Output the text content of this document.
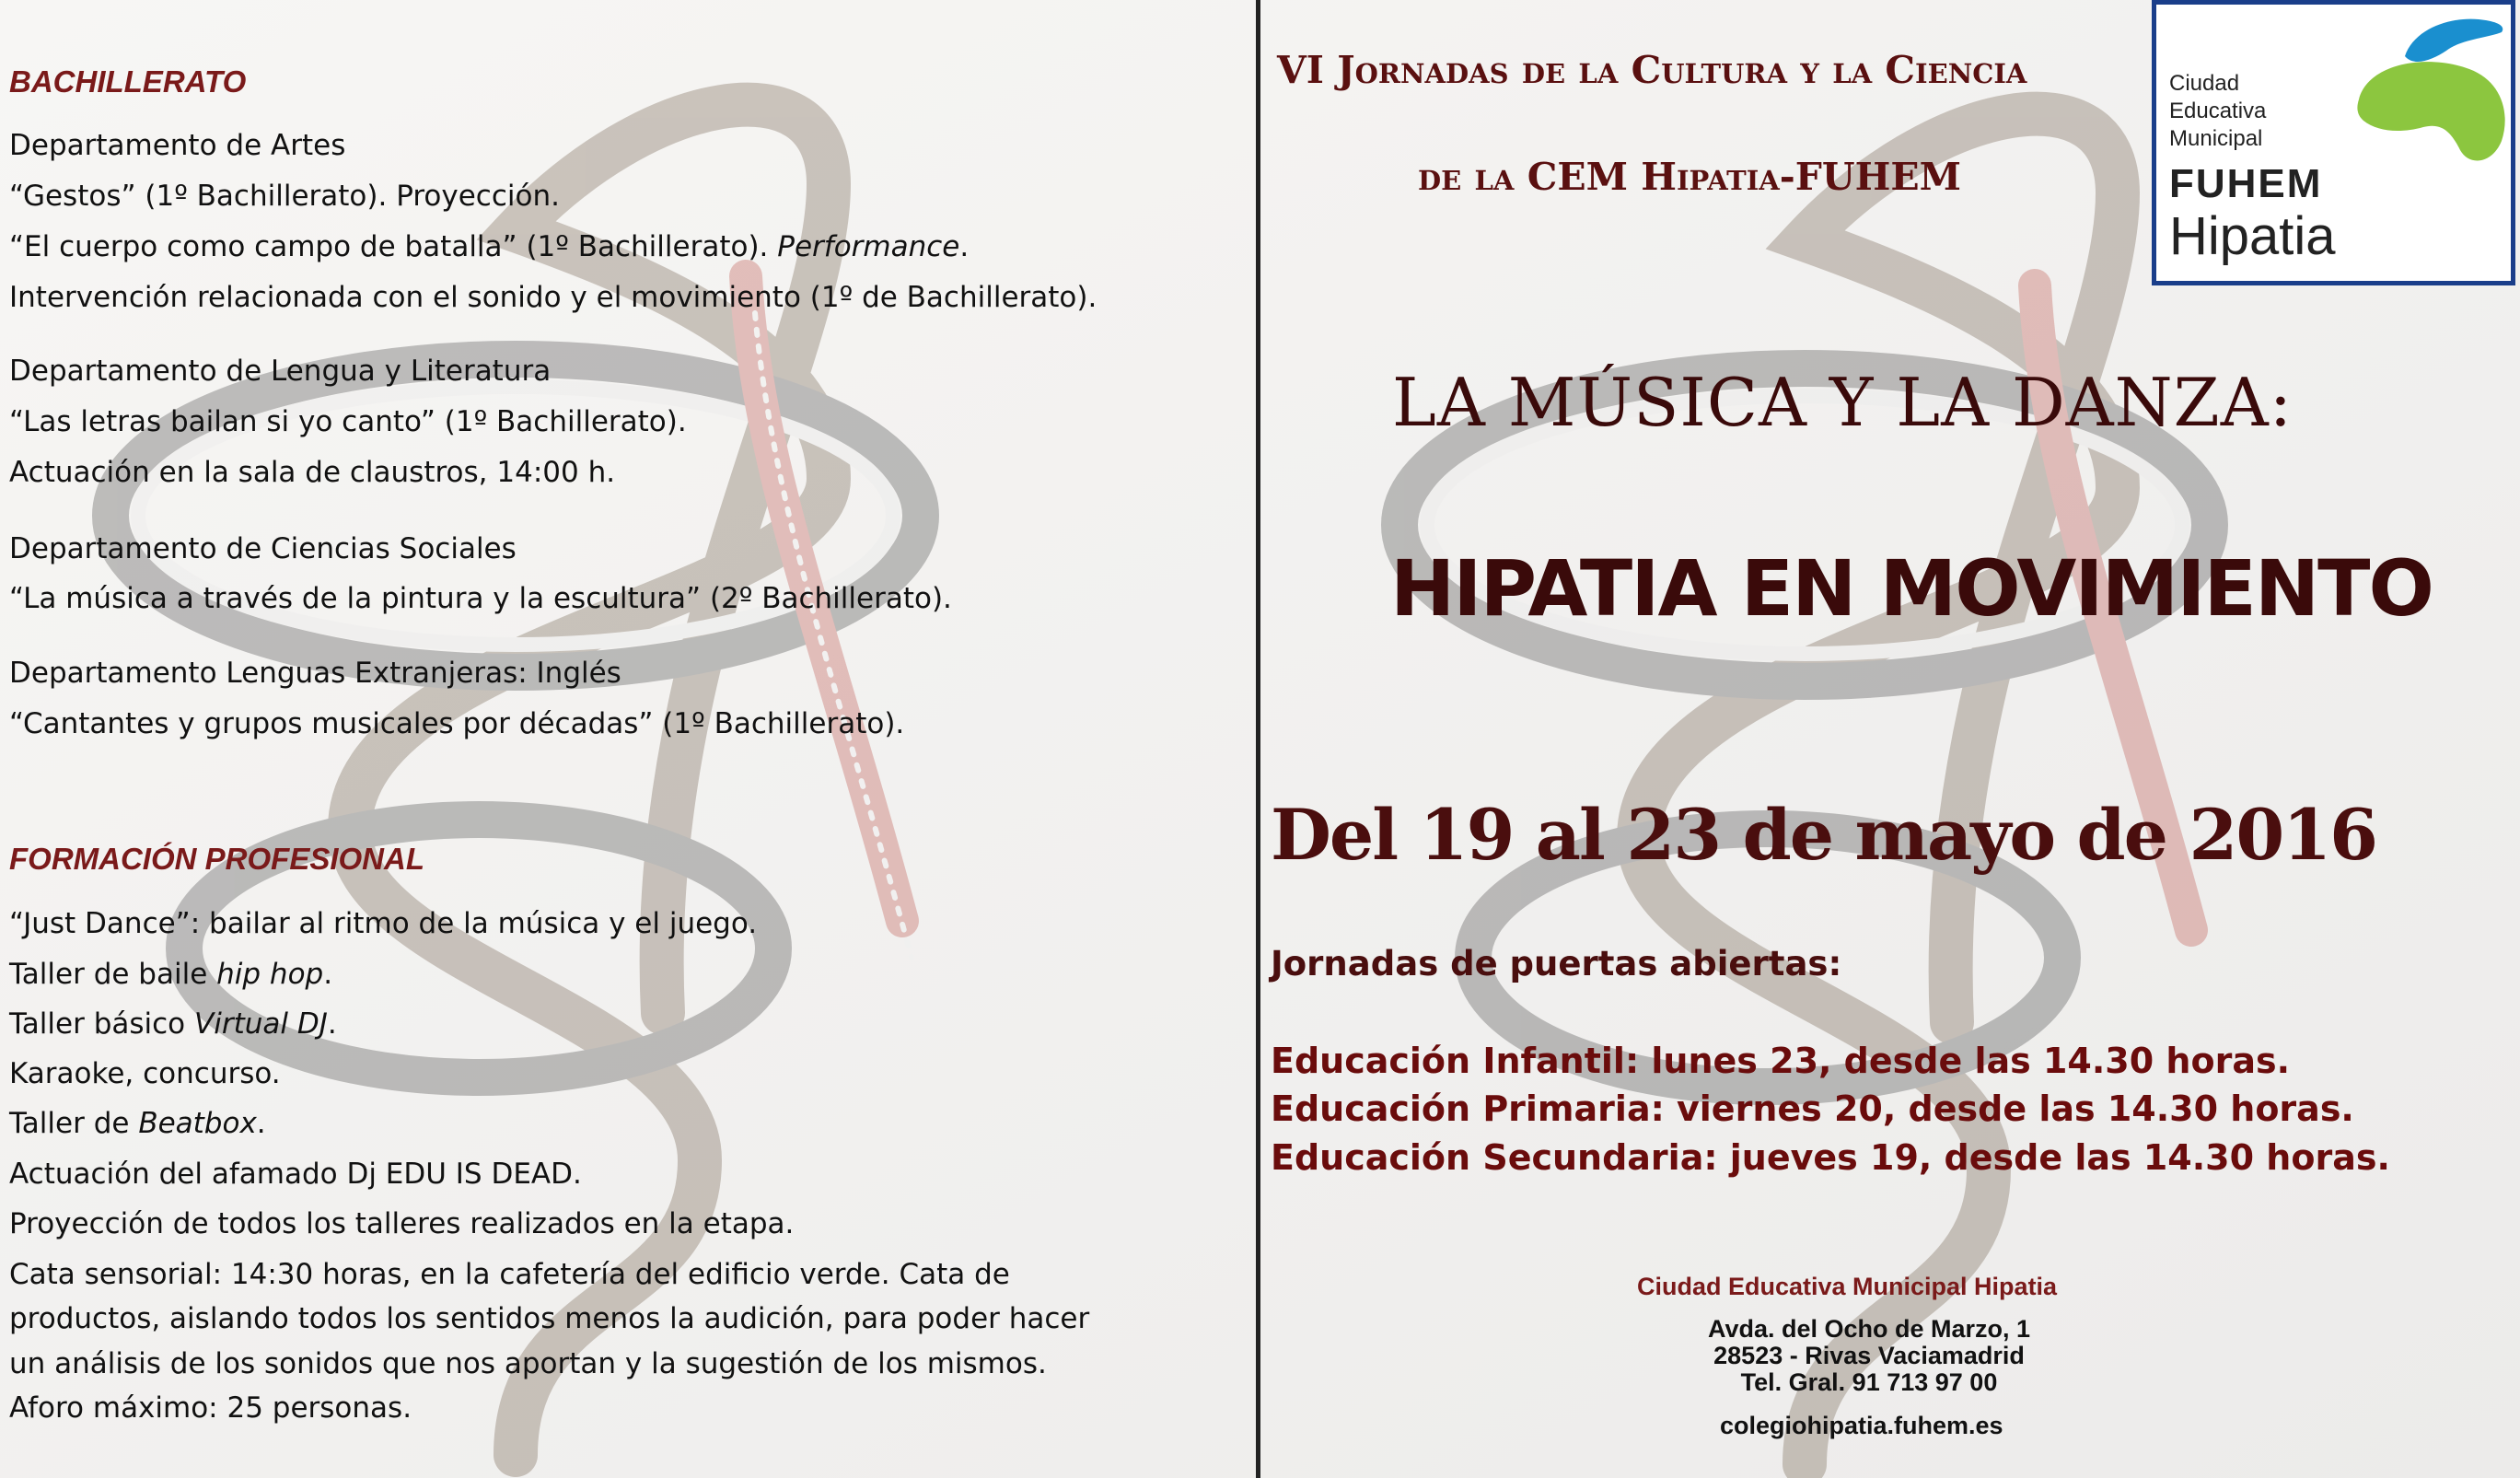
BACHILLERATO
Departamento de Artes
“Gestos” (1º Bachillerato). Proyección.
“El cuerpo como campo de batalla” (1º Bachillerato). Performance.
Intervención relacionada con el sonido y el movimiento (1º de Bachillerato).
Departamento de Lengua y Literatura
“Las letras bailan si yo canto” (1º Bachillerato).
Actuación en la sala de claustros, 14:00 h.
Departamento de Ciencias Sociales
“La música a través de la pintura y la escultura” (2º Bachillerato).
Departamento Lenguas Extranjeras: Inglés
“Cantantes y grupos musicales por décadas” (1º Bachillerato).
FORMACIÓN PROFESIONAL
“Just Dance”: bailar al ritmo de la música y el juego.
Taller de baile hip hop.
Taller básico Virtual DJ.
Karaoke, concurso.
Taller de Beatbox.
Actuación del afamado Dj EDU IS DEAD.
Proyección de todos los talleres realizados en la etapa.
Cata sensorial: 14:30 horas, en la cafetería del edificio verde. Cata de
productos, aislando todos los sentidos menos la audición, para poder hacer
un análisis de los sonidos que nos aportan y la sugestión de los mismos.
Aforo máximo: 25 personas.
VI Jornadas de la Cultura y la Ciencia
de la CEM Hipatia-FUHEM
LA MÚSICA Y LA DANZA:
HIPATIA EN MOVIMIENTO
Del 19 al 23 de mayo de 2016
Jornadas de puertas abiertas:
Educación Infantil: lunes 23, desde las 14.30 horas.
Educación Primaria: viernes 20, desde las 14.30 horas.
Educación Secundaria: jueves 19, desde las 14.30 horas.
Ciudad Educativa Municipal Hipatia
Avda. del Ocho de Marzo, 1
28523 - Rivas Vaciamadrid
Tel. Gral. 91 713 97 00
colegiohipatia.fuhem.es
Ciudad
Educativa
Municipal
FUHEM
Hipatia
